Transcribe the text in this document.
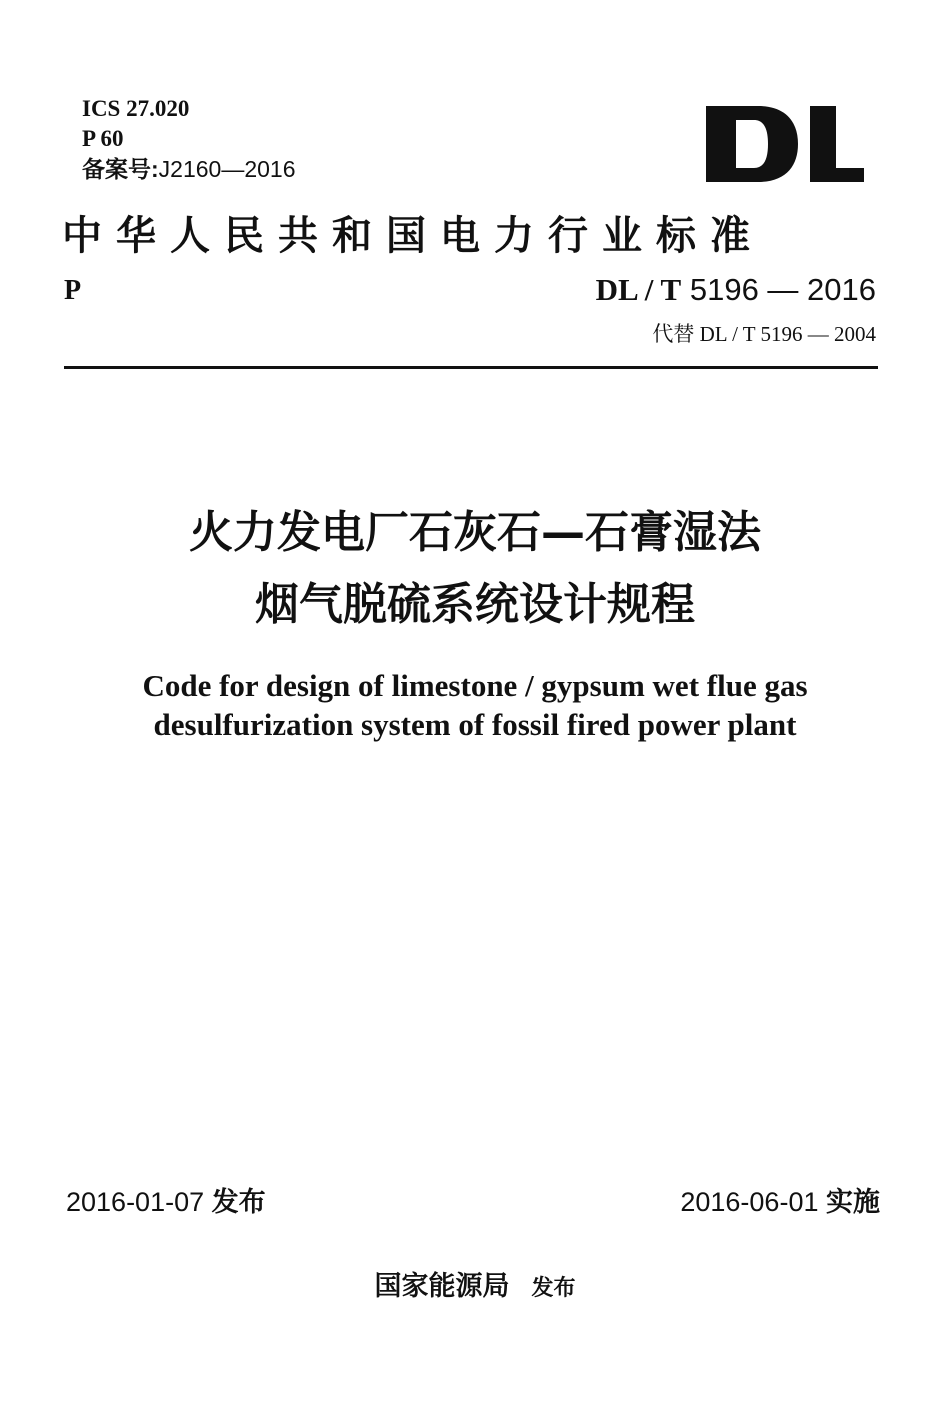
ICS 27.020
P 60
备案号:J2160—2016
中华人民共和国电力行业标准
P	DL / T 5196 — 2016
代替 DL / T 5196 — 2004
火力发电厂石灰石—石膏湿法
烟气脱硫系统设计规程
Code for design of limestone / gypsum wet flue gas
desulfurization system of fossil fired power plant
2016-01-07 发布	2016-06-01 实施
国家能源局 发布
